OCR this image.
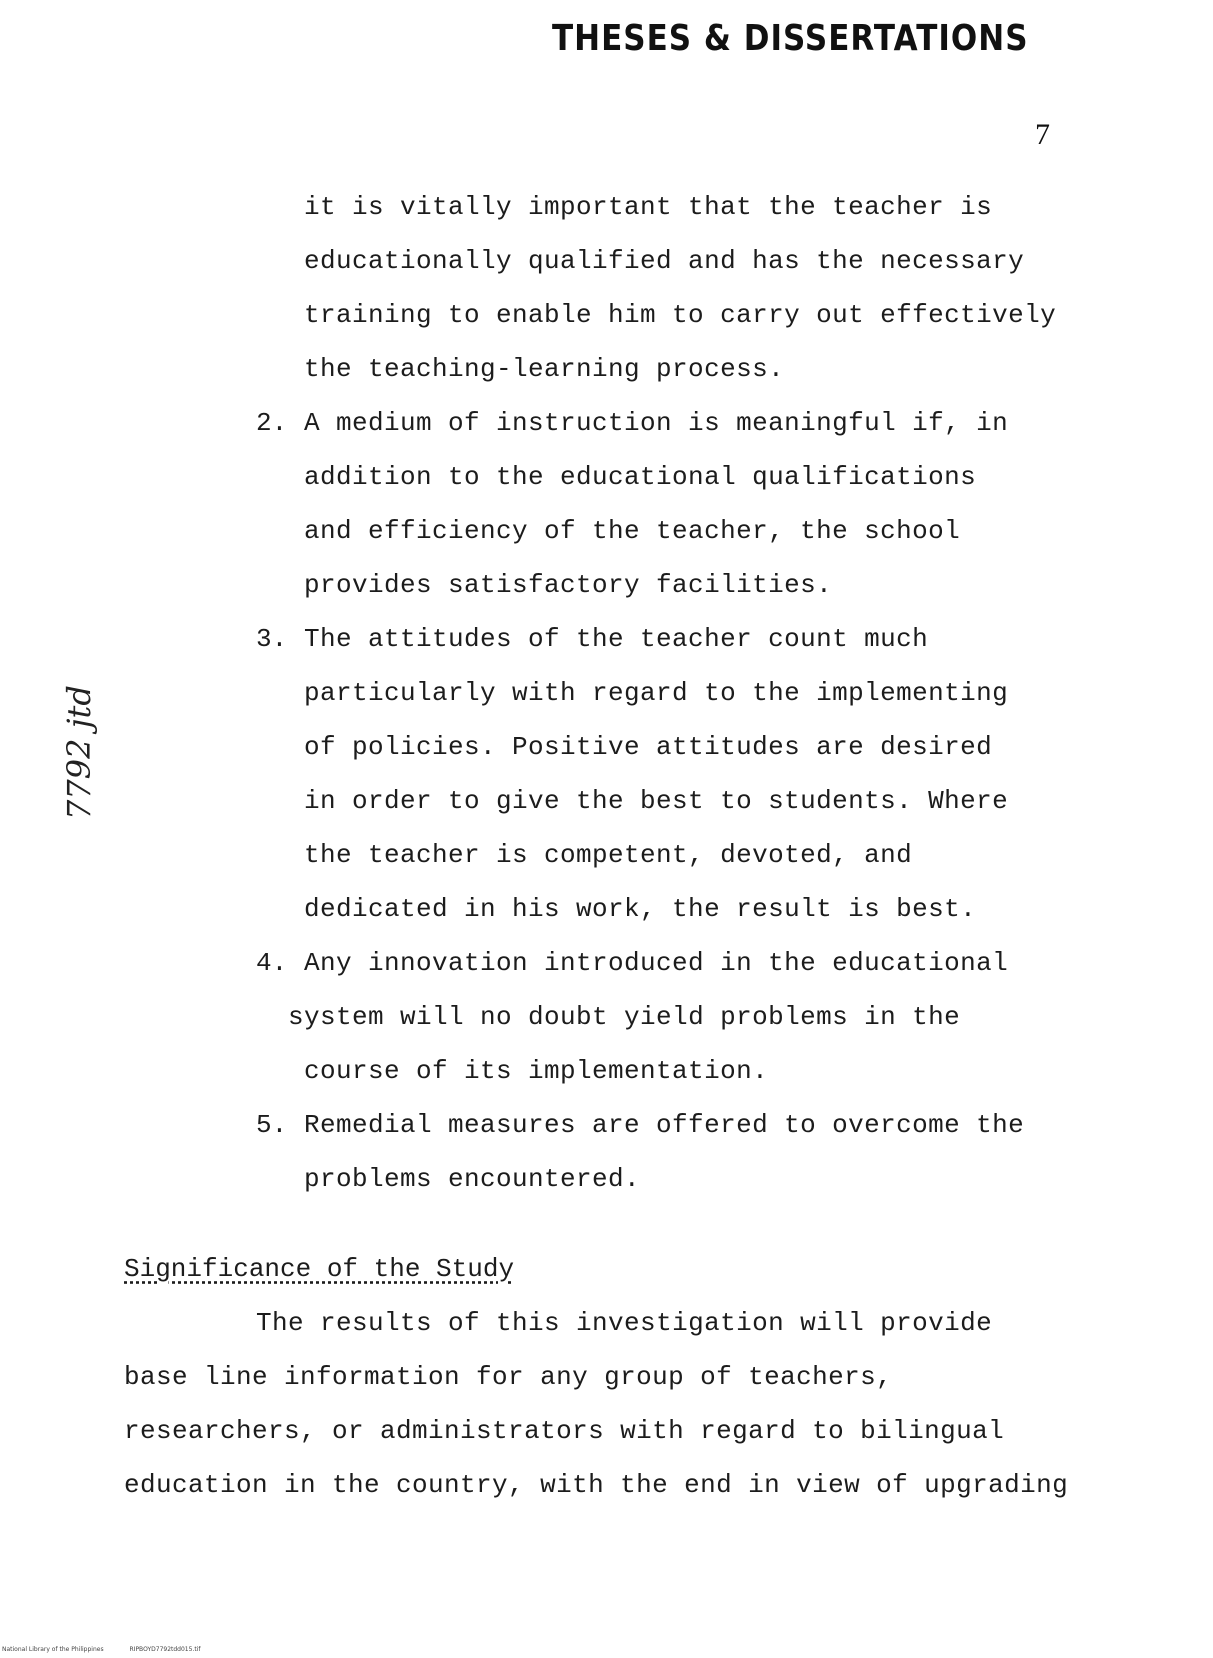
THESES & DISSERTATIONS
7
7792 jtd
it is vitally important that the teacher is
educationally qualified and has the necessary
training to enable him to carry out effectively
the teaching-learning process.
2. A medium of instruction is meaningful if, in
addition to the educational qualifications
and efficiency of the teacher, the school
provides satisfactory facilities.
3. The attitudes of the teacher count much
particularly with regard to the implementing
of policies. Positive attitudes are desired
in order to give the best to students. Where
the teacher is competent, devoted, and
dedicated in his work, the result is best.
4. Any innovation introduced in the educational
system will no doubt yield problems in the
course of its implementation.
5. Remedial measures are offered to overcome the
problems encountered.
Significance of the Study
The results of this investigation will provide
base line information for any group of teachers,
researchers, or administrators with regard to bilingual
education in the country, with the end in view of upgrading
National Library of the Philippines	RIPBOYD7792tdd015.tif
